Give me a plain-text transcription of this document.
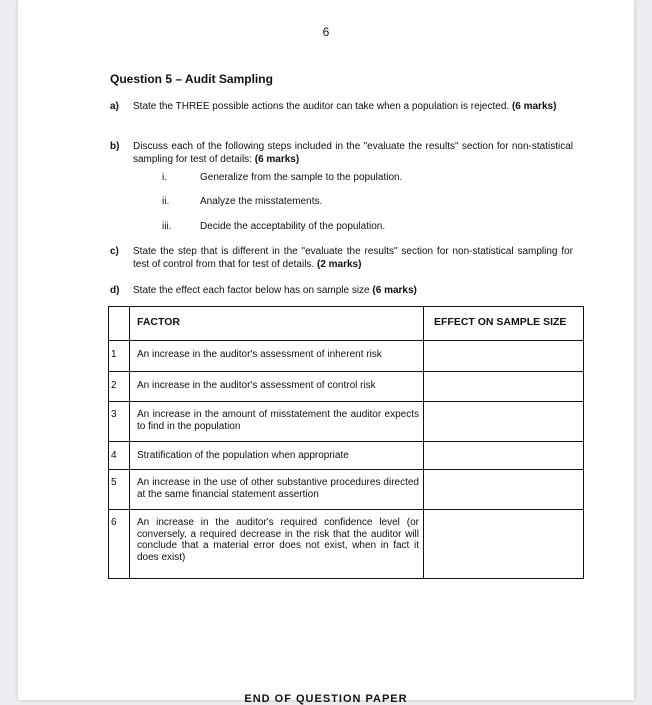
6
Question 5 – Audit Sampling
a) State the THREE possible actions the auditor can take when a population is rejected. (6 marks)
b) Discuss each of the following steps included in the "evaluate the results" section for non-statistical sampling for test of details: (6 marks)
i.	Generalize from the sample to the population.
ii.	Analyze the misstatements.
iii.	Decide the acceptability of the population.
c) State the step that is different in the "evaluate the results" section for non-statistical sampling for test of control from that for test of details. (2 marks)
d) State the effect each factor below has on sample size (6 marks)
FACTOR	EFFECT ON SAMPLE SIZE
1 An increase in the auditor's assessment of inherent risk
2 An increase in the auditor's assessment of control risk
3 An increase in the amount of misstatement the auditor expects to find in the population
4 Stratification of the population when appropriate
5 An increase in the use of other substantive procedures directed at the same financial statement assertion
6 An increase in the auditor's required confidence level (or conversely, a required decrease in the risk that the auditor will conclude that a material error does not exist, when in fact it does exist)
END OF QUESTION PAPER
